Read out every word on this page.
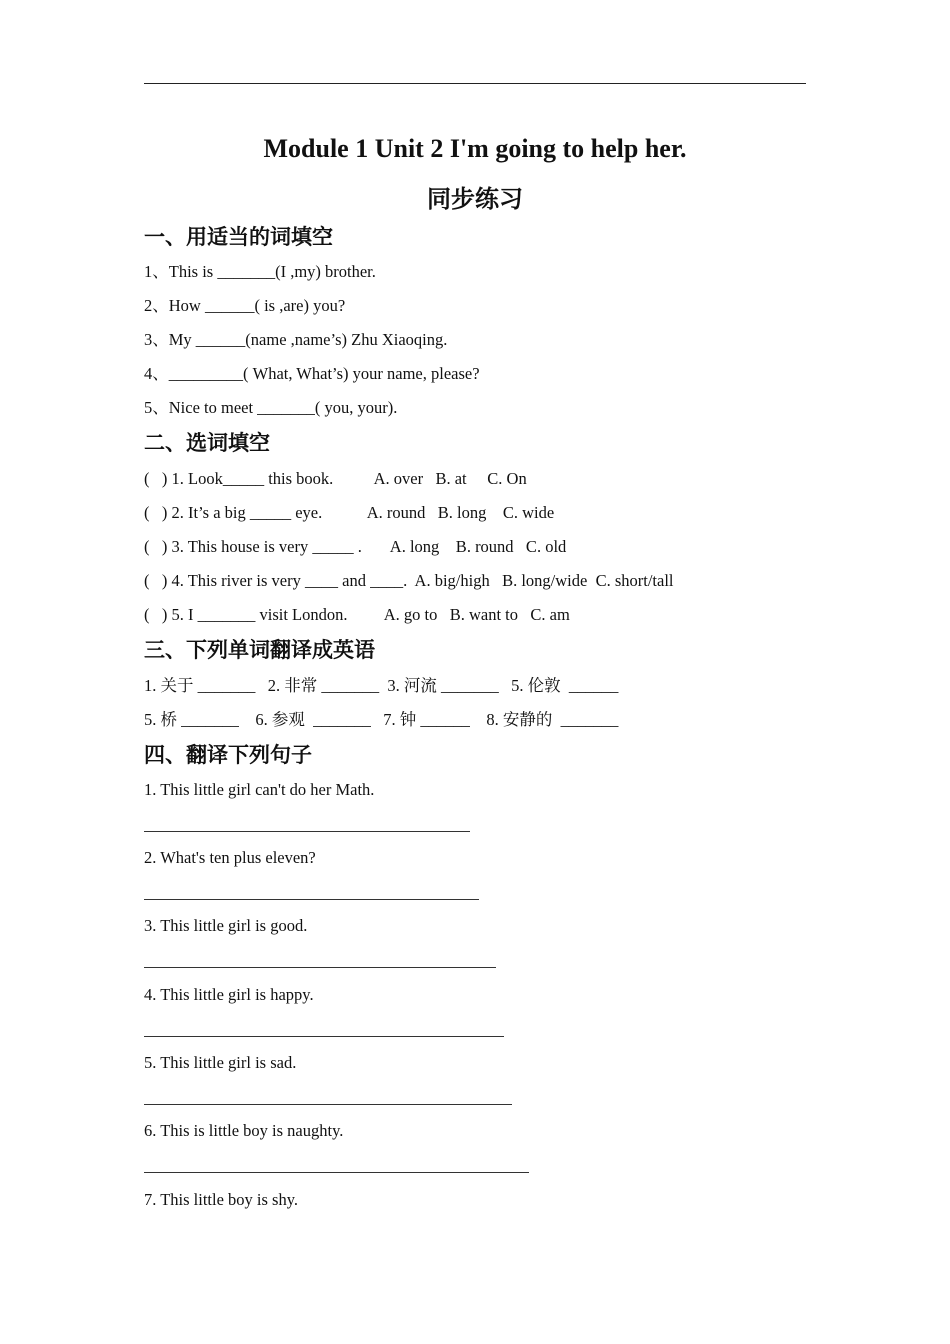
Module 1 Unit 2 I'm going to help her.
同步练习
一、用适当的词填空
1、This is _______(I ,my) brother.
2、How ______( is ,are) you?
3、My ______(name ,name’s) Zhu Xiaoqing.
4、_________( What, What’s) your name, please?
5、Nice to meet _______( you, your).
二、选词填空
(   ) 1. Look_____ this book.          A. over   B. at     C. On
(   ) 2. It’s a big _____ eye.           A. round   B. long    C. wide
(   ) 3. This house is very _____ .       A. long    B. round   C. old
(   ) 4. This river is very ____ and ____.  A. big/high   B. long/wide  C. short/tall
(   ) 5. I _______ visit London.         A. go to   B. want to   C. am
三、下列单词翻译成英语
1. 关于 _______   2. 非常 _______  3. 河流 _______   5. 伦敦  ______
5. 桥 _______    6. 参观  _______   7. 钟 ______    8. 安静的  _______
四、翻译下列句子
1. This little girl can't do her Math.
2. What's ten plus eleven?
3. This little girl is good.
4. This little girl is happy.
5. This little girl is sad.
6. This is little boy is naughty.
7. This little boy is shy.
